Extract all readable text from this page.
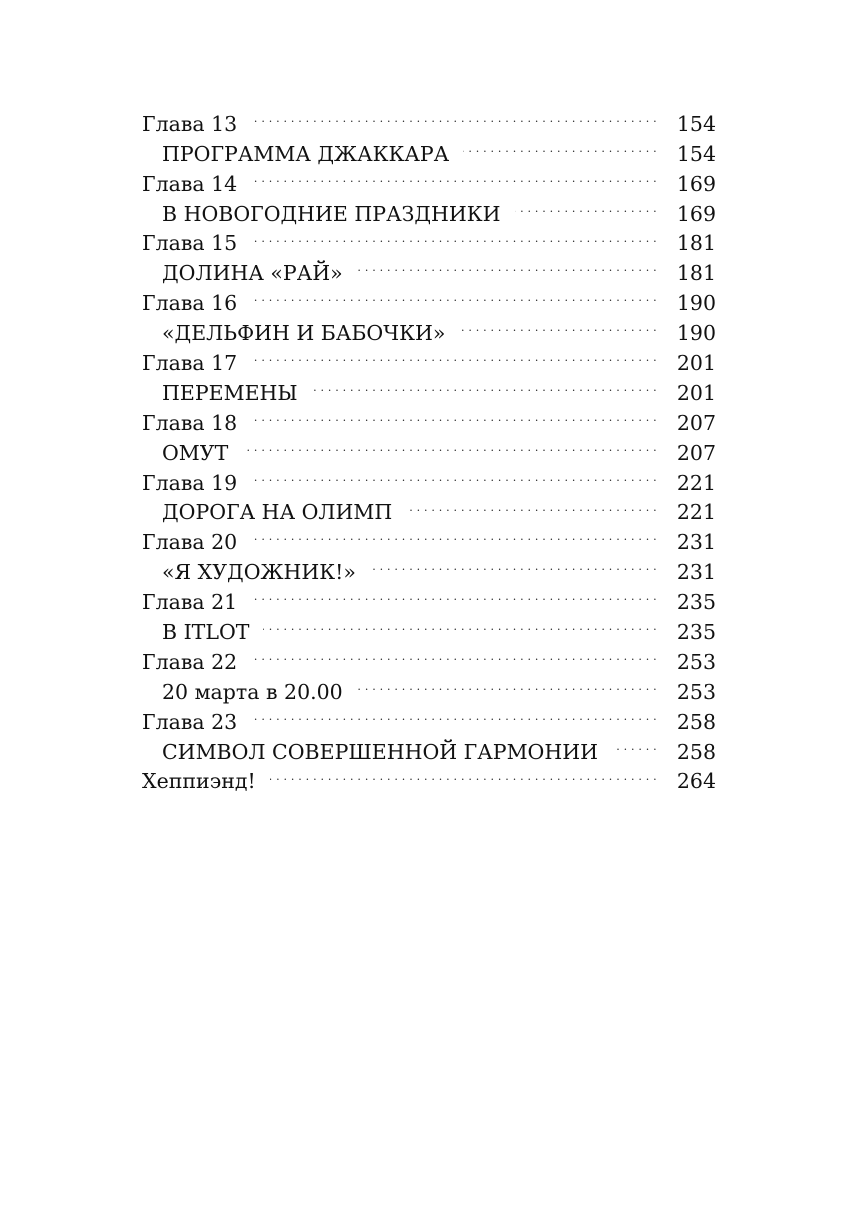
Глава 13 . . .	154
ПРОГРАММА ДЖАККАРА . . .	154
Глава 14 . . .	169
В НОВОГОДНИЕ ПРАЗДНИКИ . . .	169
Глава 15 . . .	181
ДОЛИНА «РАЙ» . . .	181
Глава 16 . . .	190
«ДЕЛЬФИН И БАБОЧКИ» . . .	190
Глава 17 . . .	201
ПЕРЕМЕНЫ . . .	201
Глава 18 . . .	207
ОМУТ . . .	207
Глава 19 . . .	221
ДОРОГА НА ОЛИМП . . .	221
Глава 20 . . .	231
«Я ХУДОЖНИК!» . . .	231
Глава 21 . . .	235
В ITLOT . . .	235
Глава 22 . . .	253
20 марта в 20.00 . . .	253
Глава 23 . . .	258
СИМВОЛ СОВЕРШЕННОЙ ГАРМОНИИ . . .	258
Хеппиэнд! . . .	264
